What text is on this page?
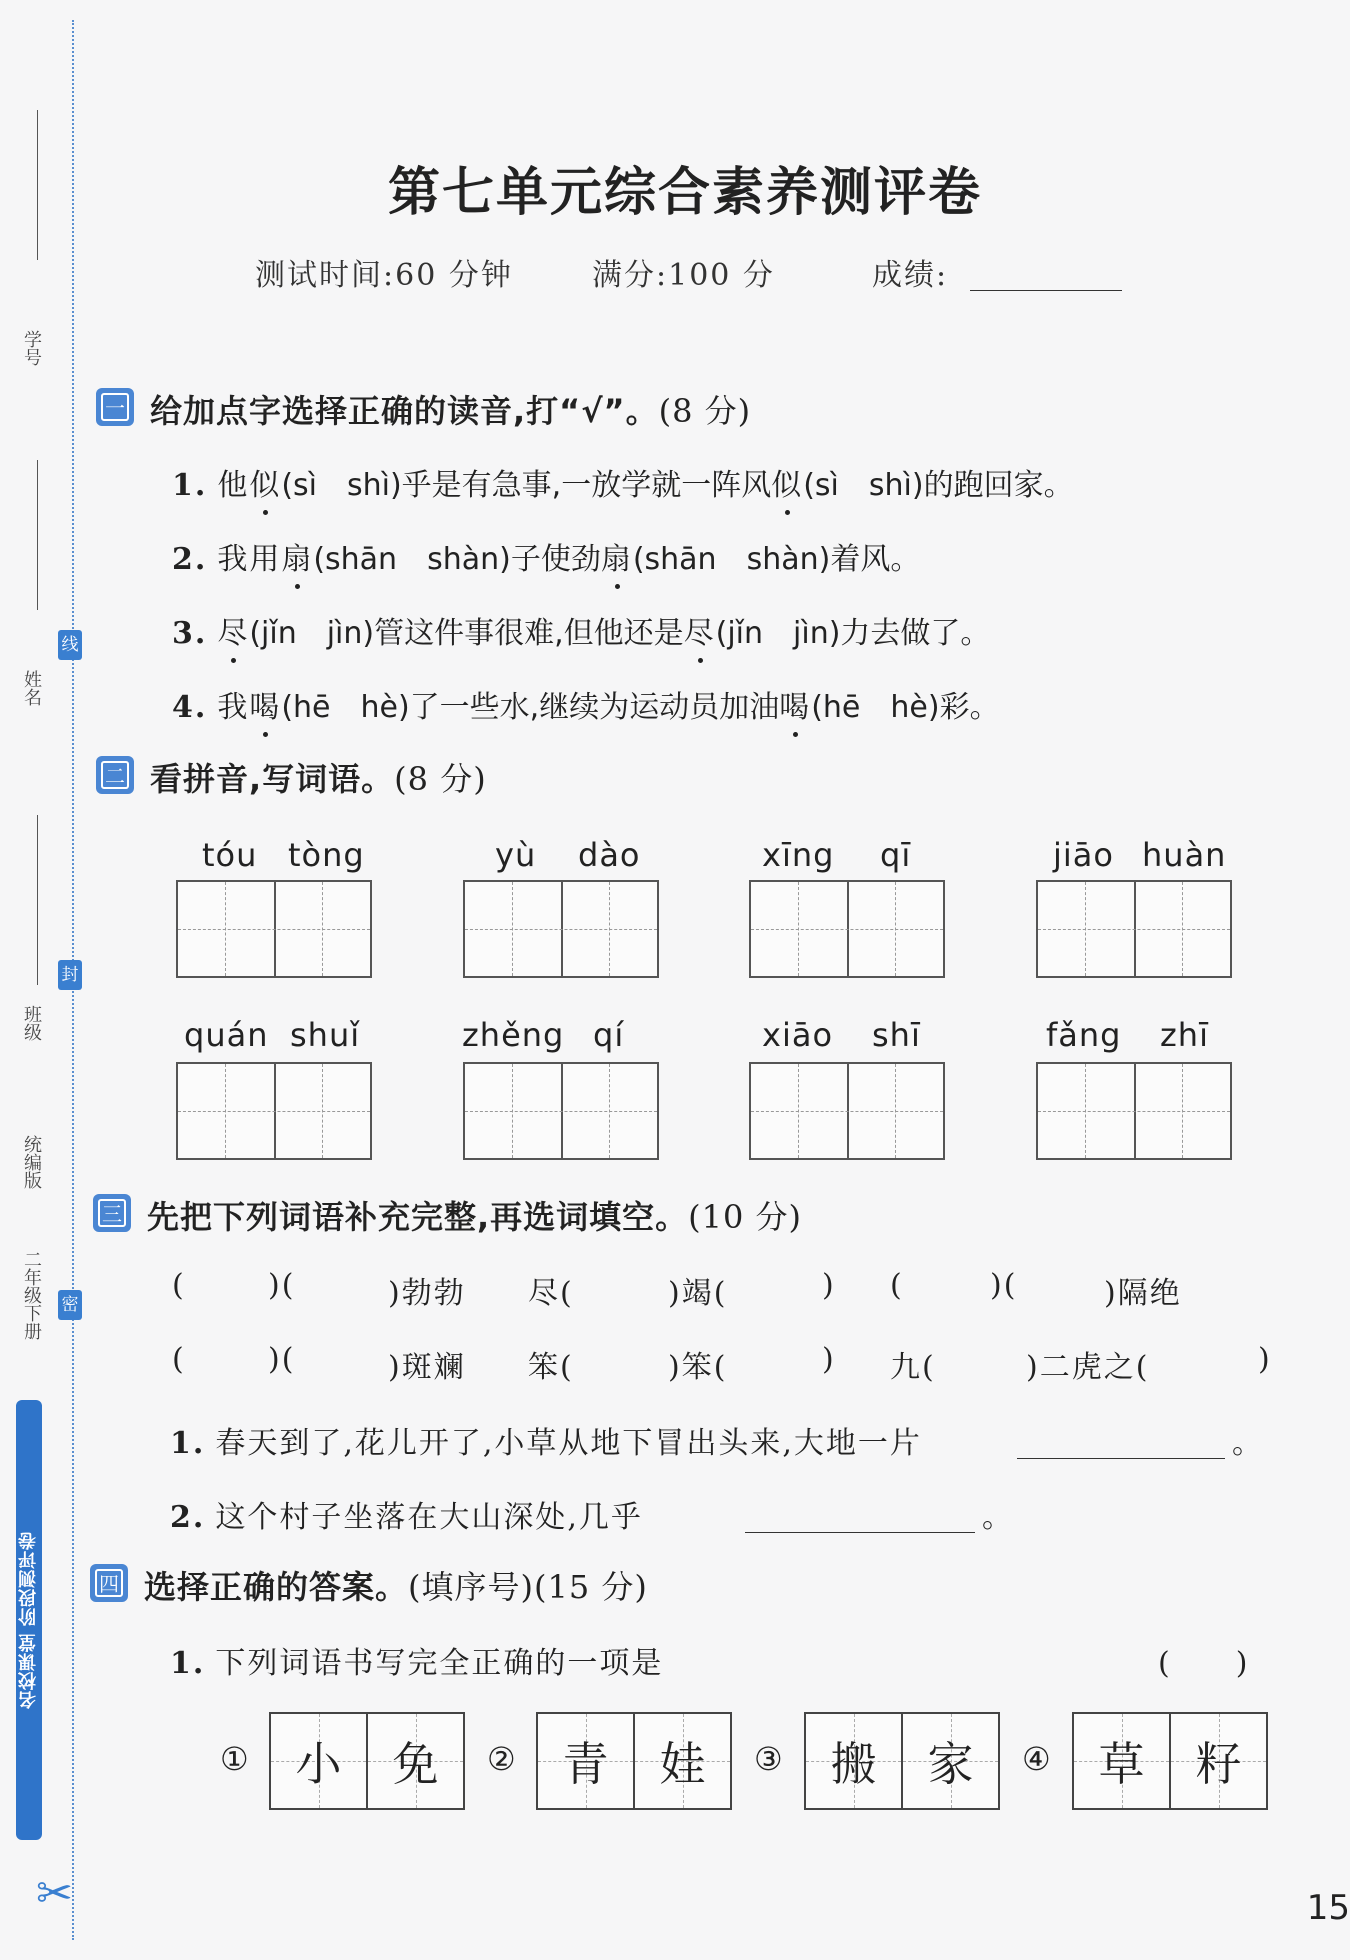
学号
姓名
班级
线
封
密
统编版
二年级下册
名校课堂 阶段测评卷
第七单元综合素养测评卷
测试时间:60 分钟	满分:100 分	成绩:
一 给加点字选择正确的读音,打“√”。(8 分)
1. 他似(sì　shì)乎是有急事,一放学就一阵风似(sì　shì)的跑回家。
2. 我用扇(shān　shàn)子使劲扇(shān　shàn)着风。
3. 尽(jǐn　jìn)管这件事很难,但他还是尽(jǐn　jìn)力去做了。
4. 我喝(hē　hè)了一些水,继续为运动员加油喝(hē　hè)彩。
二 看拼音,写词语。(8 分)
tóu tòng	yù dào	xīng qī	jiāo huàn
quán shuǐ	zhěng qí	xiāo shī	fǎng zhī
三 先把下列词语补充完整,再选词填空。(10 分)
(	)(	)勃勃 尽(	)竭(	) (	)(	)隔绝
(	)(	)斑斓 笨(	)笨(	) 九(	)二虎之(	)
1. 春天到了,花儿开了,小草从地下冒出头来,大地一片	。
2. 这个村子坐落在大山深处,几乎	。
四 选择正确的答案。(填序号)(15 分)
1. 下列词语书写完全正确的一项是	(　　)
① 小 免 ② 青 娃 ③ 搬 家 ④ 草 籽
✂	15
